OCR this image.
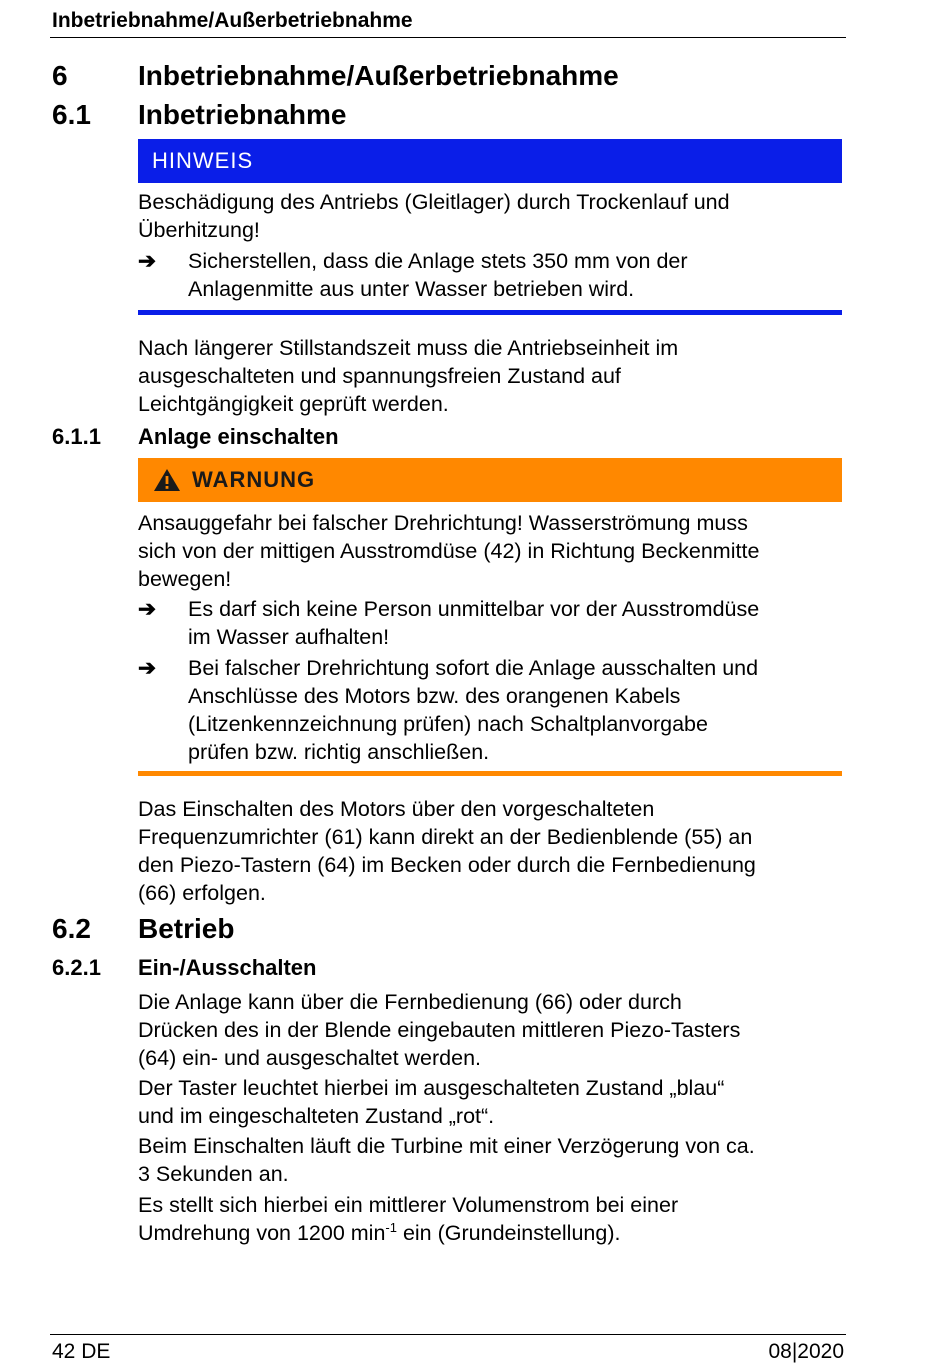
Inbetriebnahme/Außerbetriebnahme
6	Inbetriebnahme/Außerbetriebnahme
6.1 Inbetriebnahme
HINWEIS
Beschädigung des Antriebs (Gleitlager) durch Trockenlauf und
Überhitzung!
➔	Sicherstellen, dass die Anlage stets 350 mm von der
Anlagenmitte aus unter Wasser betrieben wird.
Nach längerer Stillstandszeit muss die Antriebseinheit im
ausgeschalteten und spannungsfreien Zustand auf
Leichtgängigkeit geprüft werden.
6.1.1 Anlage einschalten
WARNUNG
Ansauggefahr bei falscher Drehrichtung! Wasserströmung muss
sich von der mittigen Ausstromdüse (42) in Richtung Beckenmitte
bewegen!
➔	Es darf sich keine Person unmittelbar vor der Ausstromdüse
im Wasser aufhalten!
➔	Bei falscher Drehrichtung sofort die Anlage ausschalten und
Anschlüsse des Motors bzw. des orangenen Kabels
(Litzenkennzeichnung prüfen) nach Schaltplanvorgabe
prüfen bzw. richtig anschließen.
Das Einschalten des Motors über den vorgeschalteten
Frequenzumrichter (61) kann direkt an der Bedienblende (55) an
den Piezo-Tastern (64) im Becken oder durch die Fernbedienung
(66) erfolgen.
6.2 Betrieb
6.2.1 Ein-/Ausschalten
Die Anlage kann über die Fernbedienung (66) oder durch
Drücken des in der Blende eingebauten mittleren Piezo-Tasters
(64) ein- und ausgeschaltet werden.
Der Taster leuchtet hierbei im ausgeschalteten Zustand „blau“
und im eingeschalteten Zustand „rot“.
Beim Einschalten läuft die Turbine mit einer Verzögerung von ca.
3 Sekunden an.
Es stellt sich hierbei ein mittlerer Volumenstrom bei einer
Umdrehung von 1200 $\min^{-1}$ ein (Grundeinstellung).
42 DE	08|2020
